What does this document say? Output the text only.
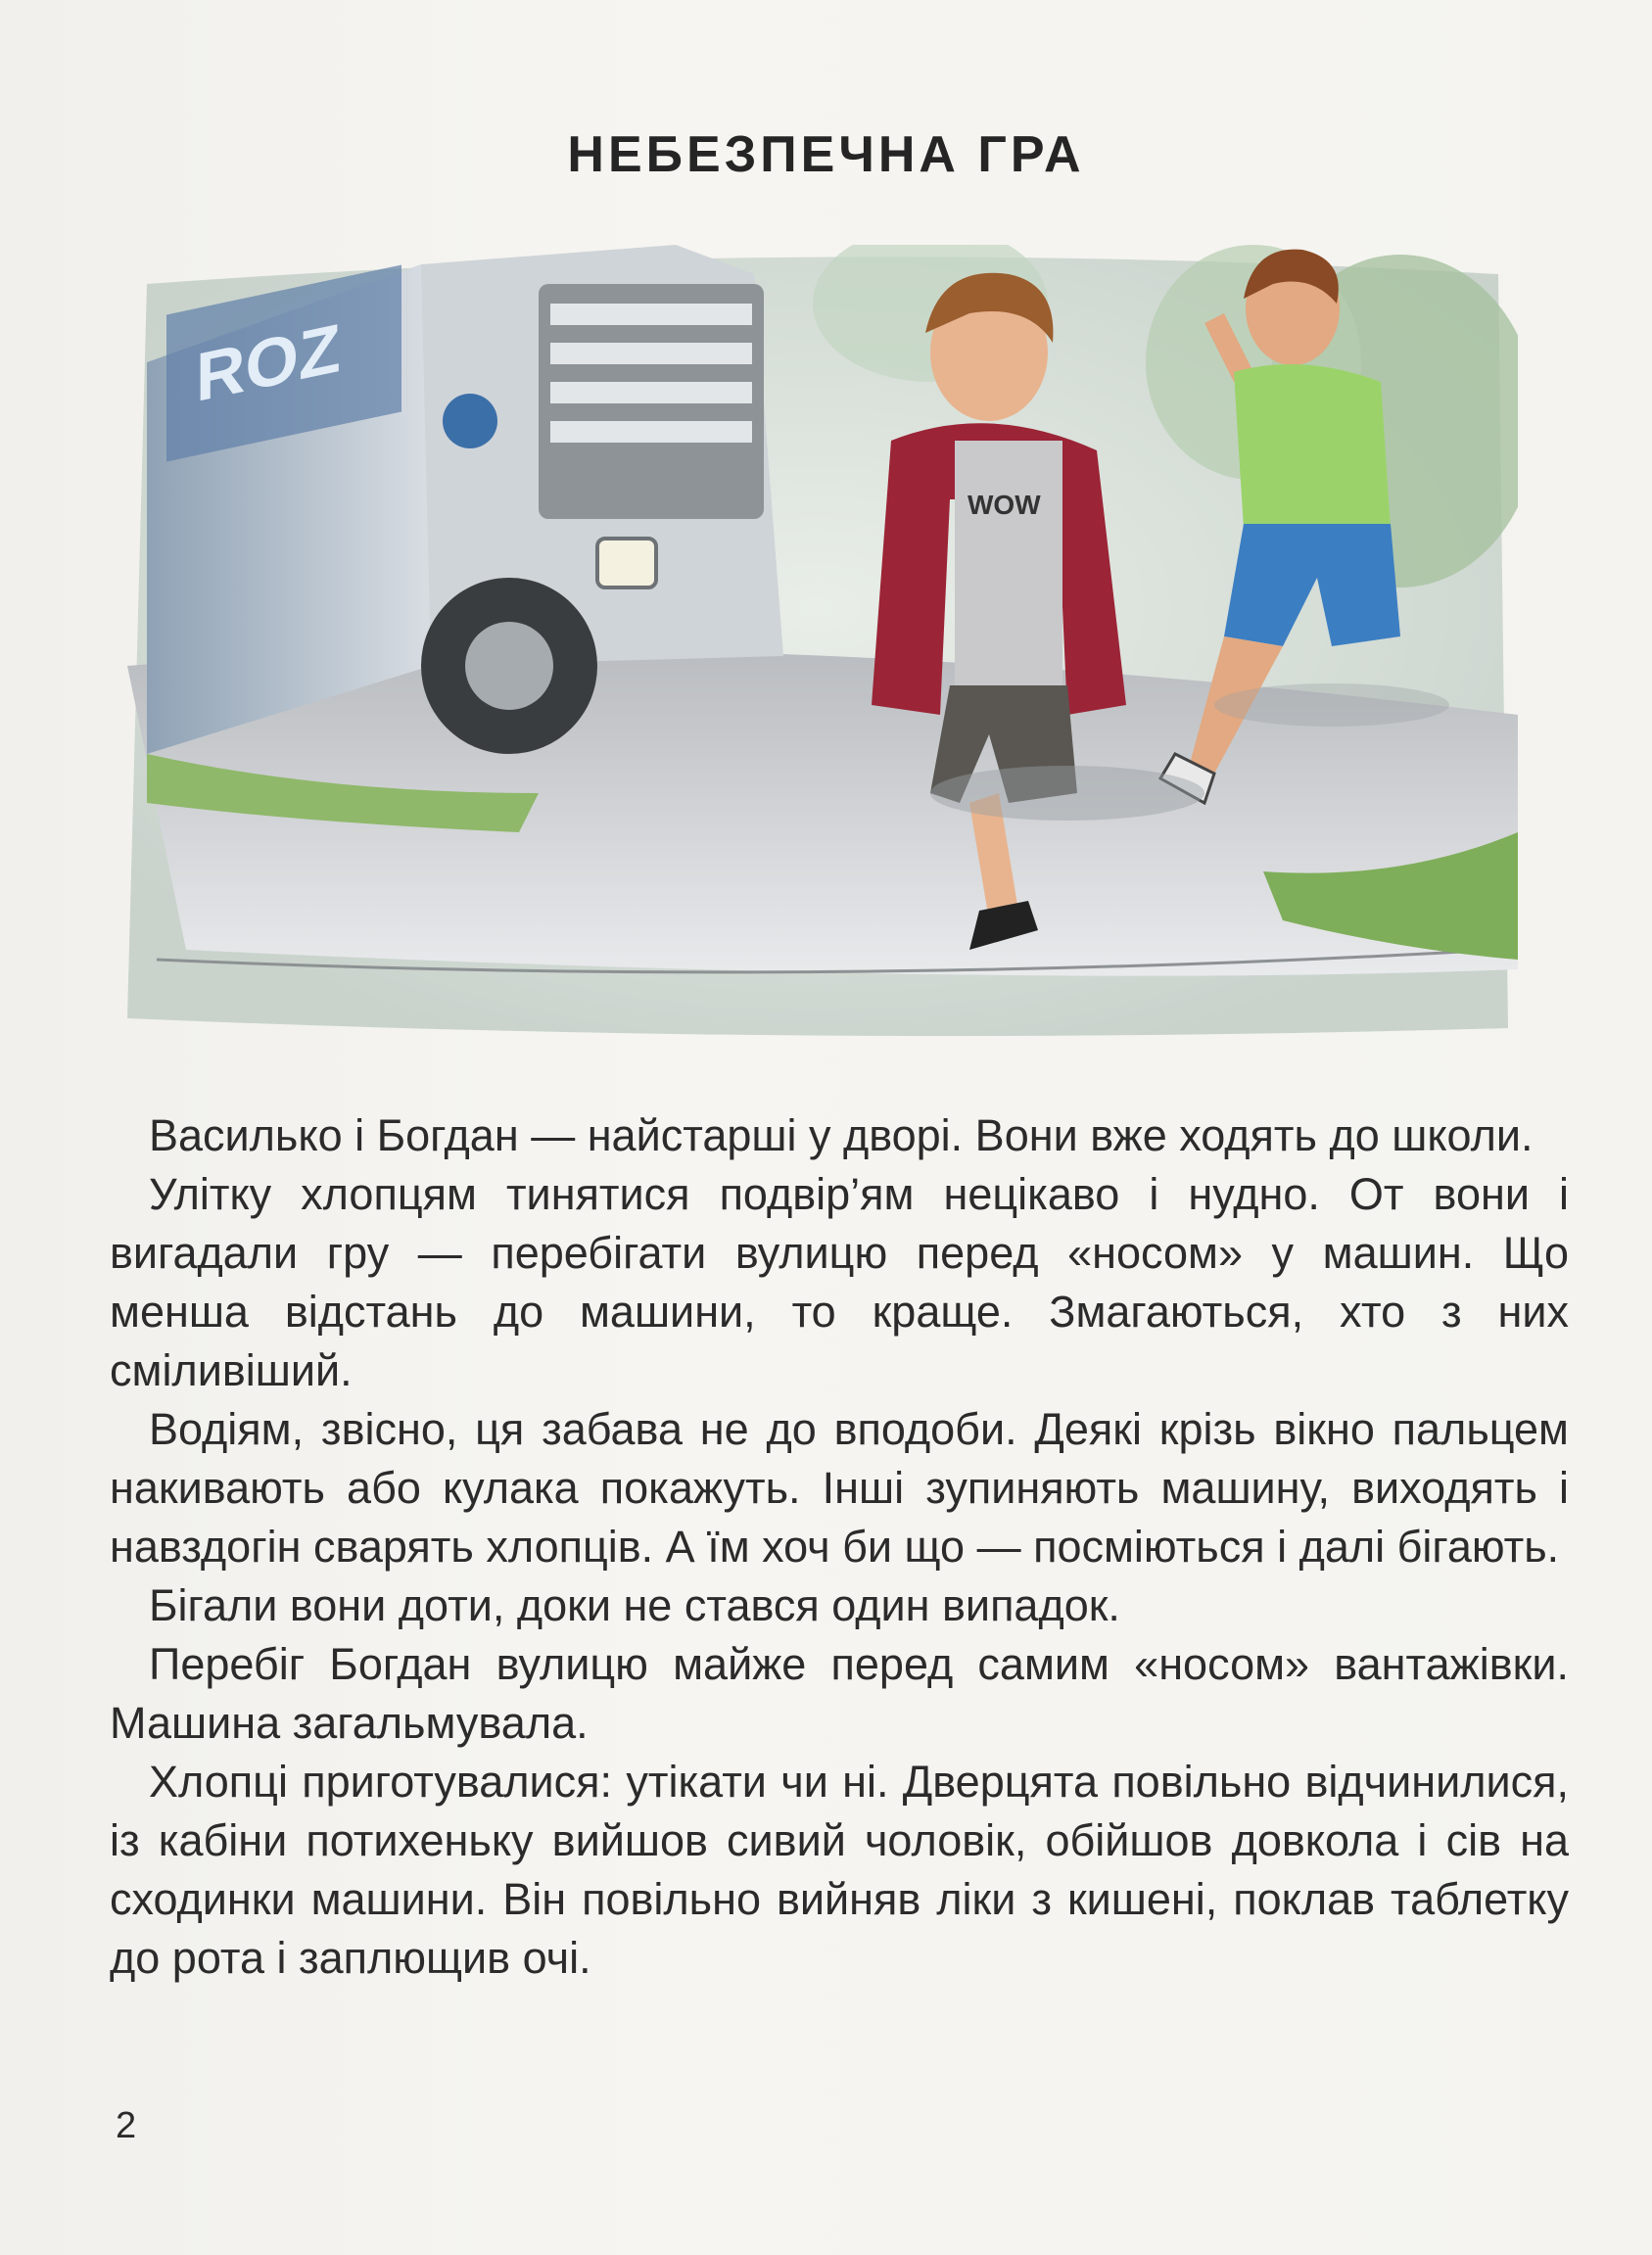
НЕБЕЗПЕЧНА ГРА
ROZ
WOW

Василько і Богдан — найстарші у дворі. Вони вже ходять до школи.

Улітку хлопцям тинятися подвір’ям нецікаво і нудно. От вони і вигадали гру — перебігати вулицю перед «носом» у машин. Що менша відстань до машини, то краще. Змагаються, хто з них сміливіший.

Водіям, звісно, ця забава не до вподоби. Деякі крізь вікно пальцем накивають або кулака покажуть. Інші зупиняють машину, виходять і навздогін сварять хлопців. А їм хоч би що — посміються і далі бігають.

Бігали вони доти, доки не стався один випадок.

Перебіг Богдан вулицю майже перед самим «носом» вантажівки. Машина загальмувала.

Хлопці приготувалися: утікати чи ні. Дверцята повільно відчинилися, із кабіни потихеньку вийшов сивий чоловік, обійшов довкола і сів на сходинки машини. Він повільно вийняв ліки з кишені, поклав таблетку до рота і заплющив очі.

2
